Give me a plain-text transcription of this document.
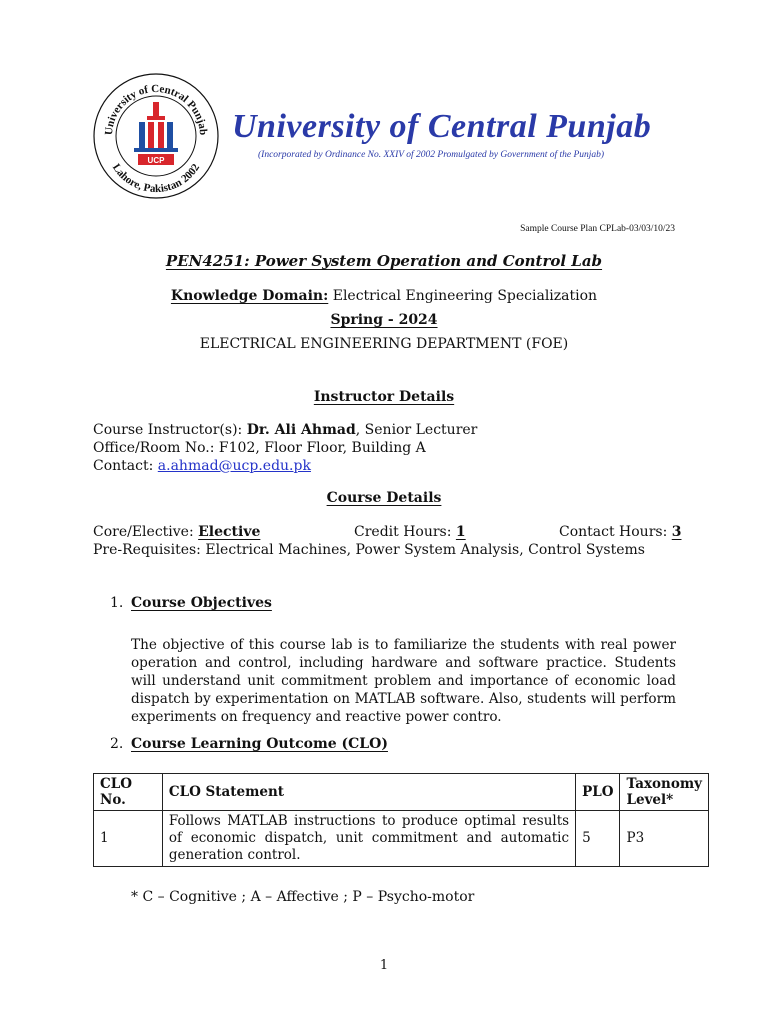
University of Central Punjab
Lahore, Pakistan 2002
UCP
University of Central Punjab
(Incorporated by Ordinance No. XXIV of 2002 Promulgated by Government of the Punjab)
Sample Course Plan CPLab-03/03/10/23
PEN4251: Power System Operation and Control Lab
Knowledge Domain: Electrical Engineering Specialization
Spring - 2024
ELECTRICAL ENGINEERING DEPARTMENT (FOE)
Instructor Details
Course Instructor(s): Dr. Ali Ahmad, Senior Lecturer
Office/Room No.: F102, Floor Floor, Building A
Contact: a.ahmad@ucp.edu.pk
Course Details
Core/Elective: Elective	Credit Hours: 1	Contact Hours: 3
Pre-Requisites: Electrical Machines, Power System Analysis, Control Systems
1. Course Objectives
The objective of this course lab is to familiarize the students with real power operation and control, including hardware and software practice. Students will understand unit commitment problem and importance of economic load dispatch by experimentation on MATLAB software. Also, students will perform experiments on frequency and reactive power contro.
2. Course Learning Outcome (CLO)
CLO No.	CLO Statement	PLO	Taxonomy Level*
1	Follows MATLAB instructions to produce optimal results of economic dispatch, unit commitment and automatic generation control.	5	P3
* C – Cognitive ; A – Affective ; P – Psycho-motor
1
